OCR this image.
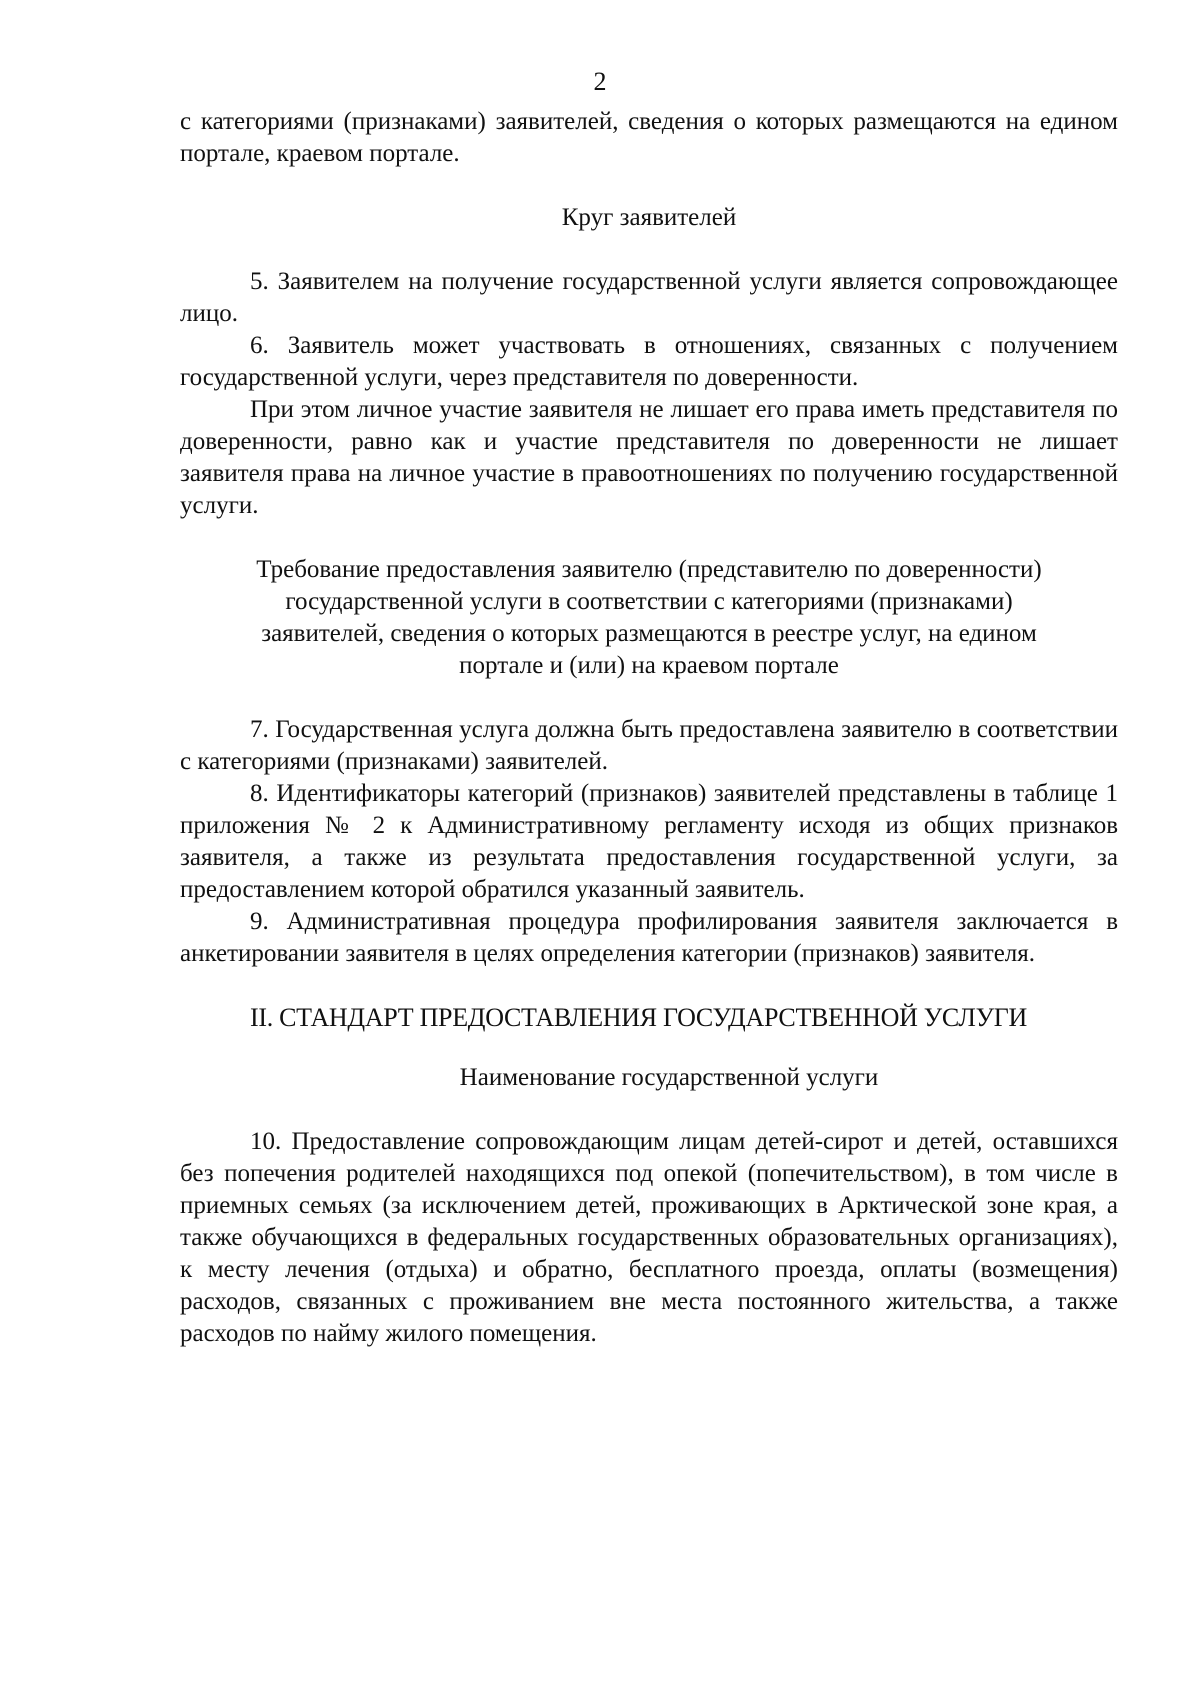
2

с категориями (признаками) заявителей, сведения о которых размещаются на едином портале, краевом портале.

Круг заявителей

5. Заявителем на получение государственной услуги является сопровождающее лицо.

6. Заявитель может участвовать в отношениях, связанных с получением государственной услуги, через представителя по доверенности.

При этом личное участие заявителя не лишает его права иметь представителя по доверенности, равно как и участие представителя по доверенности не лишает заявителя права на личное участие в правоотношениях по получению государственной услуги.

Требование предоставления заявителю (представителю по доверенности)
государственной услуги в соответствии с категориями (признаками)
заявителей, сведения о которых размещаются в реестре услуг, на едином
портале и (или) на краевом портале

7. Государственная услуга должна быть предоставлена заявителю в соответствии с категориями (признаками) заявителей.

8. Идентификаторы категорий (признаков) заявителей представлены в таблице 1 приложения № 2 к Административному регламенту исходя из общих признаков заявителя, а также из результата предоставления государственной услуги, за предоставлением которой обратился указанный заявитель.

9. Административная процедура профилирования заявителя заключается в анкетировании заявителя в целях определения категории (признаков) заявителя.

II. СТАНДАРТ ПРЕДОСТАВЛЕНИЯ ГОСУДАРСТВЕННОЙ УСЛУГИ

Наименование государственной услуги

10. Предоставление сопровождающим лицам детей-сирот и детей, оставшихся без попечения родителей находящихся под опекой (попечительством), в том числе в приемных семьях (за исключением детей, проживающих в Арктической зоне края, а также обучающихся в федеральных государственных образовательных организациях), к месту лечения (отдыха) и обратно, бесплатного проезда, оплаты (возмещения) расходов, связанных с проживанием вне места постоянного жительства, а также расходов по найму жилого помещения.
